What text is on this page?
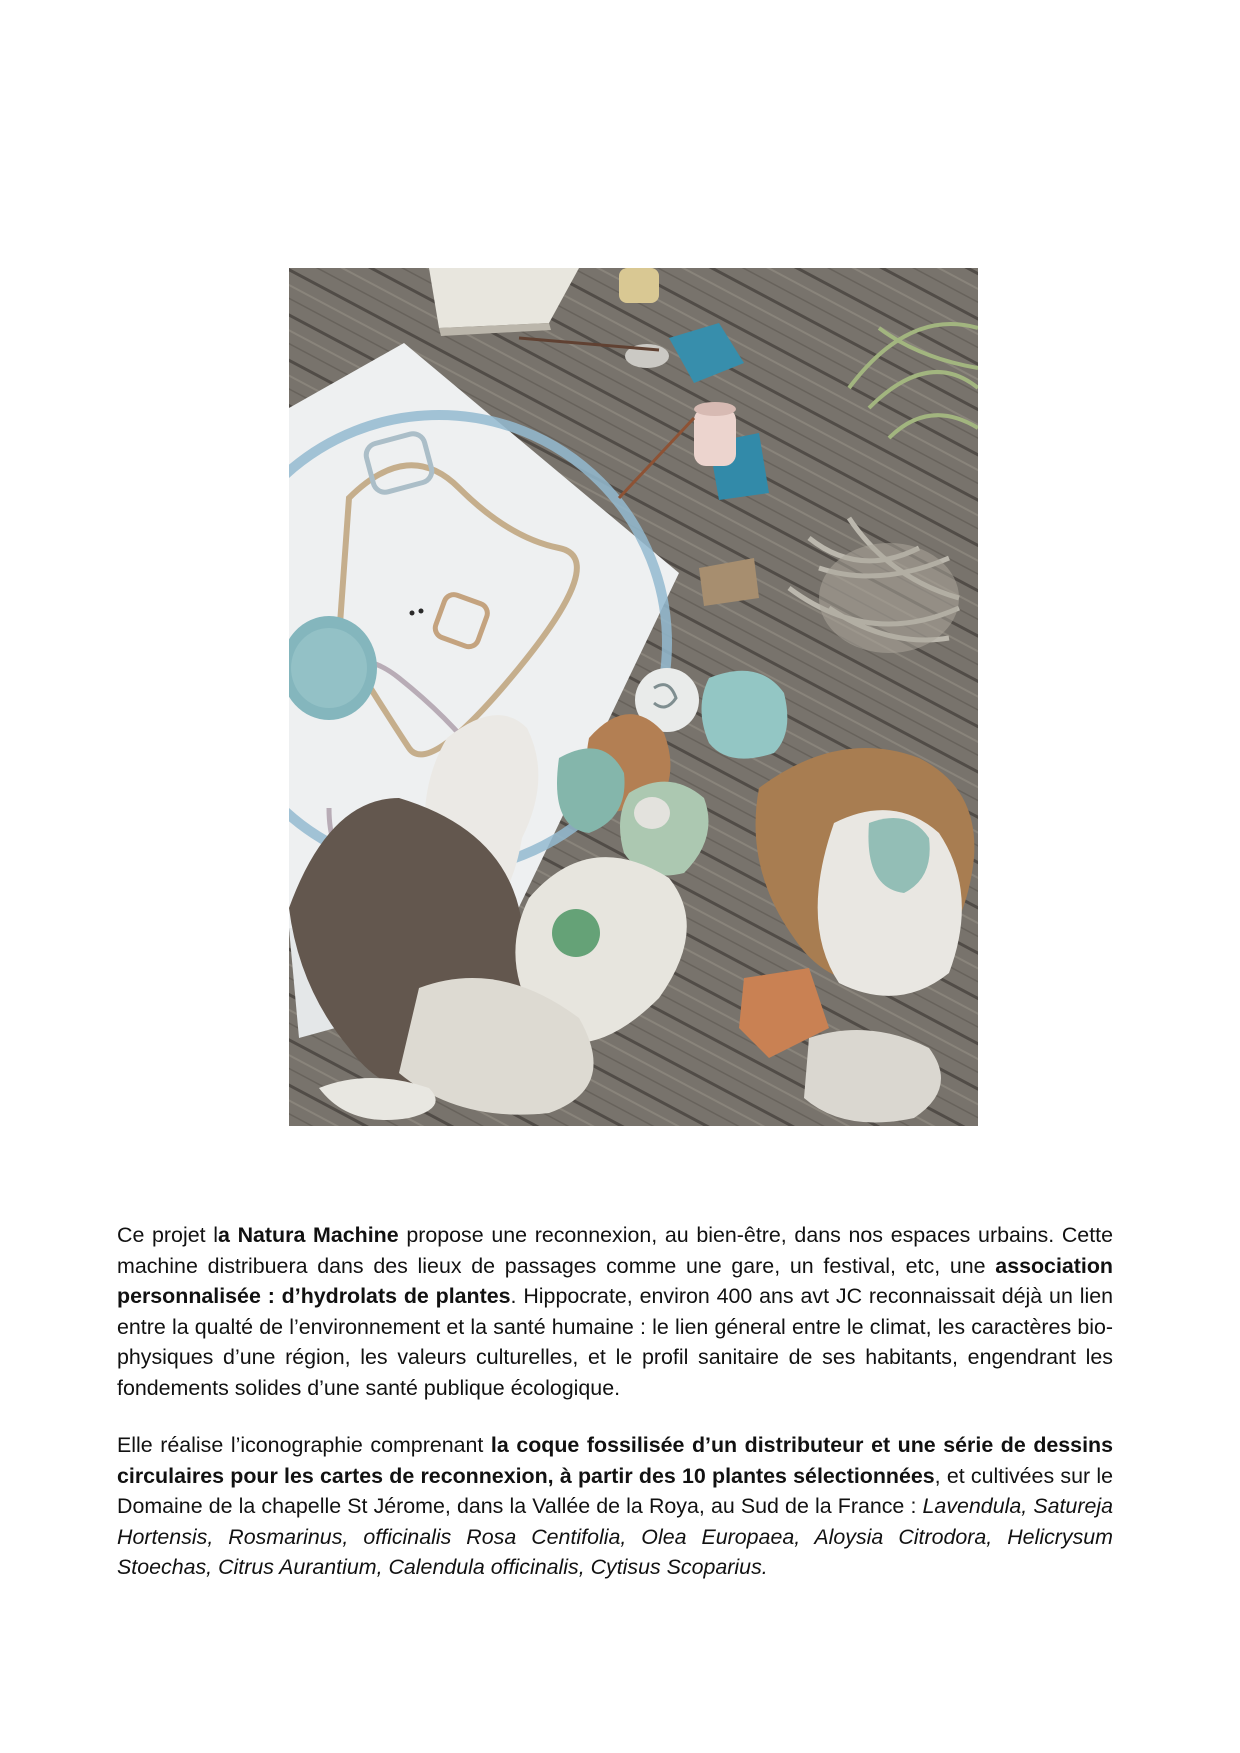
Ce projet la Natura Machine propose une reconnexion, au bien-être, dans nos espaces urbains. Cette machine distribuera dans des lieux de passages comme une gare, un festival, etc, une association personnalisée : d’hydrolats de plantes. Hippocrate, environ 400 ans avt JC reconnaissait déjà un lien entre la qualté de l’environnement et la santé humaine : le lien géneral entre le climat, les caractères bio-physiques d’une région, les valeurs culturelles, et le profil sanitaire de ses habitants, engendrant les fondements solides d’une santé publique écologique.

Elle réalise l’iconographie comprenant la coque fossilisée d’un distributeur et une série de dessins circulaires pour les cartes de reconnexion, à partir des 10 plantes sélectionnées, et cultivées sur le Domaine de la chapelle St Jérome, dans la Vallée de la Roya, au Sud de la France : Lavendula, Satureja Hortensis, Rosmarinus, officinalis Rosa Centifolia, Olea Europaea, Aloysia Citrodora, Helicrysum Stoechas, Citrus Aurantium, Calendula officinalis, Cytisus Scoparius.
